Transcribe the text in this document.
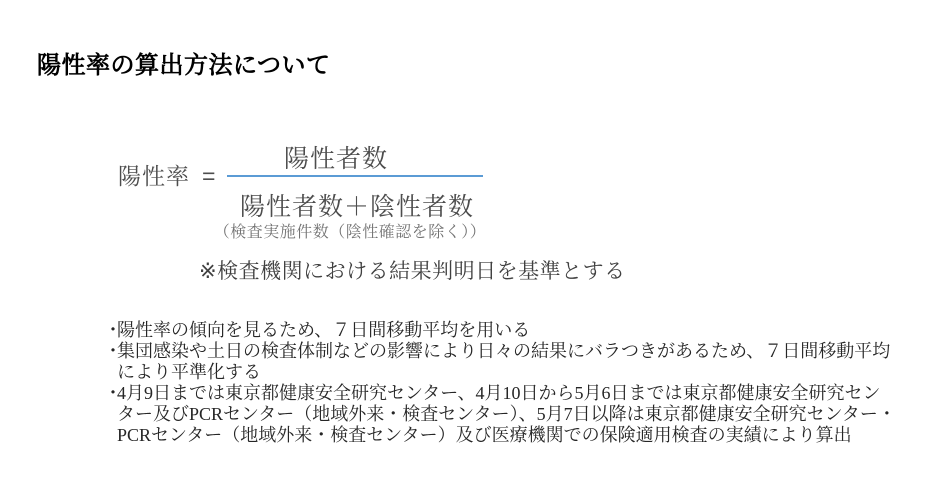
陽性率の算出方法について
陽性率 =
陽性者数
陽性者数＋陰性者数
（検査実施件数（陰性確認を除く））
※検査機関における結果判明日を基準とする
・
陽性率の傾向を見るため、７日間移動平均を用いる
・
集団感染や土日の検査体制などの影響により日々の結果にバラつきがあるため、７日間移動平均
により平準化する
・
4月9日までは東京都健康安全研究センター、4月10日から5月6日までは東京都健康安全研究セン
ター及びPCRセンター（地域外来・検査センター）、5月7日以降は東京都健康安全研究センター・
PCRセンター（地域外来・検査センター）及び医療機関での保険適用検査の実績により算出
